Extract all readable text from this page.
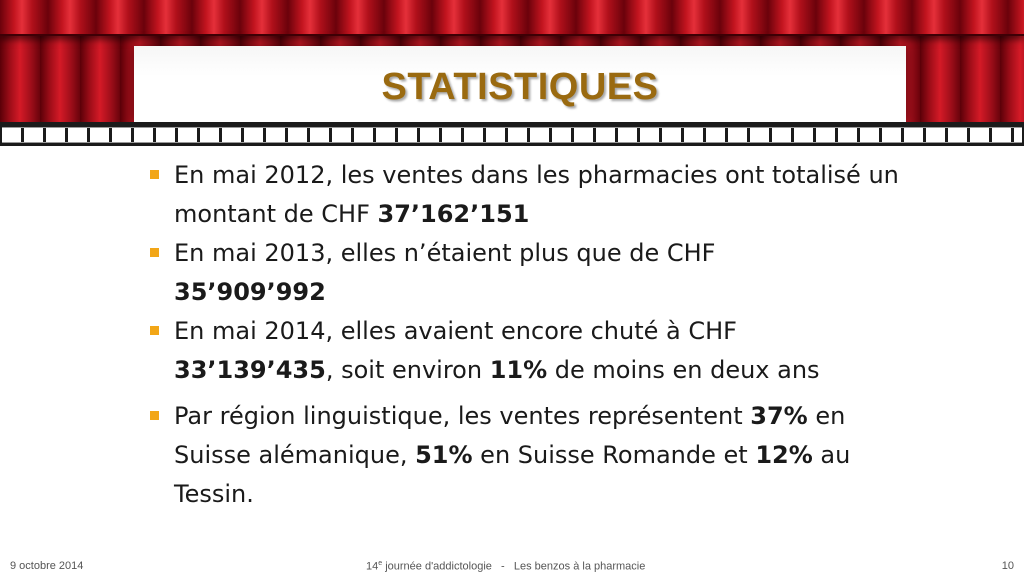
STATISTIQUES

En mai 2012, les ventes dans les pharmacies ont totalisé un montant de CHF 37’162’151

En mai 2013, elles n’étaient plus que de CHF
35’909’992

En mai 2014, elles avaient encore chuté à CHF
33’139’435, soit environ 11% de moins en deux ans

Par région linguistique, les ventes représentent 37% en Suisse alémanique, 51% en Suisse Romande et 12% au Tessin.

9 octobre 2014	14e journée d'addictologie   -   Les benzos à la pharmacie	10
